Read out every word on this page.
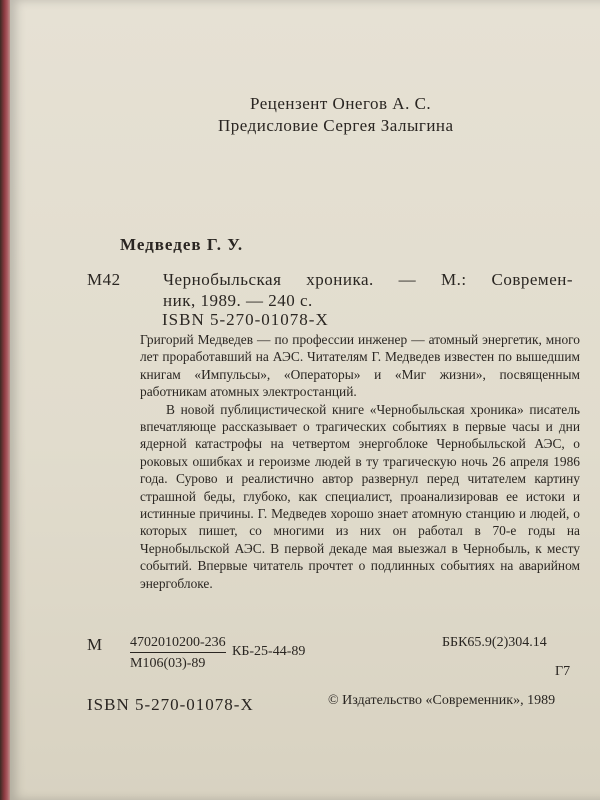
Рецензент Онегов А. С.
Предисловие Сергея Залыгина
Медведев Г. У.
М42 Чернобыльская хроника. — М.: Современ-
ник, 1989. — 240 с.
ISBN 5-270-01078-Х

Григорий Медведев — по профессии инженер — атомный энергетик, много лет проработавший на АЭС. Читателям Г. Медведев известен по вышедшим книгам «Импульсы», «Операторы» и «Миг жизни», посвященным работникам атомных электростанций.

В новой публицистической книге «Чернобыльская хроника» писатель впечатляюще рассказывает о трагических событиях в первые часы и дни ядерной катастрофы на четвертом энергоблоке Чернобыльской АЭС, о роковых ошибках и героизме людей в ту трагическую ночь 26 апреля 1986 года. Сурово и реалистично автор развернул перед читателем картину страшной беды, глубоко, как специалист, проанализировав ее истоки и истинные причины. Г. Медведев хорошо знает атомную станцию и людей, о которых пишет, со многими из них он работал в 70-е годы на Чернобыльской АЭС. В первой декаде мая выезжал в Чернобыль, к месту событий. Впервые читатель прочтет о подлинных событиях на аварийном энергоблоке.

М 4702010200-236
М106(03)-89
КБ-25-44-89
ББК65.9(2)304.14
Г7
ISBN 5-270-01078-Х	© Издательство «Современник», 1989
